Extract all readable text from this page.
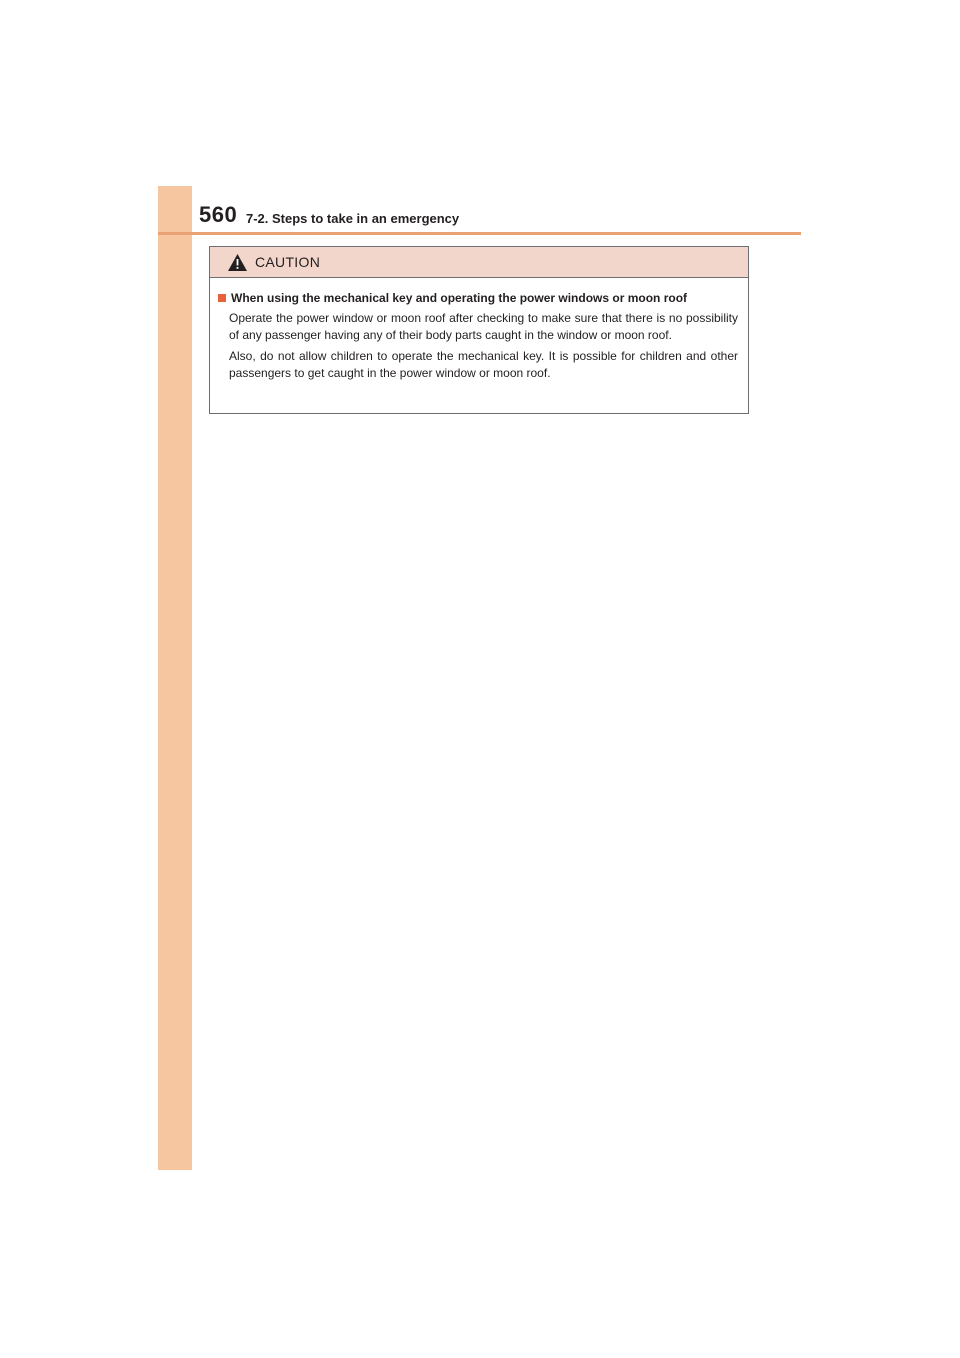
560 7-2. Steps to take in an emergency
CAUTION
When using the mechanical key and operating the power windows or moon roof

Operate the power window or moon roof after checking to make sure that there is no possibility of any passenger having any of their body parts caught in the window or moon roof.

Also, do not allow children to operate the mechanical key. It is possible for children and other passengers to get caught in the power window or moon roof.
